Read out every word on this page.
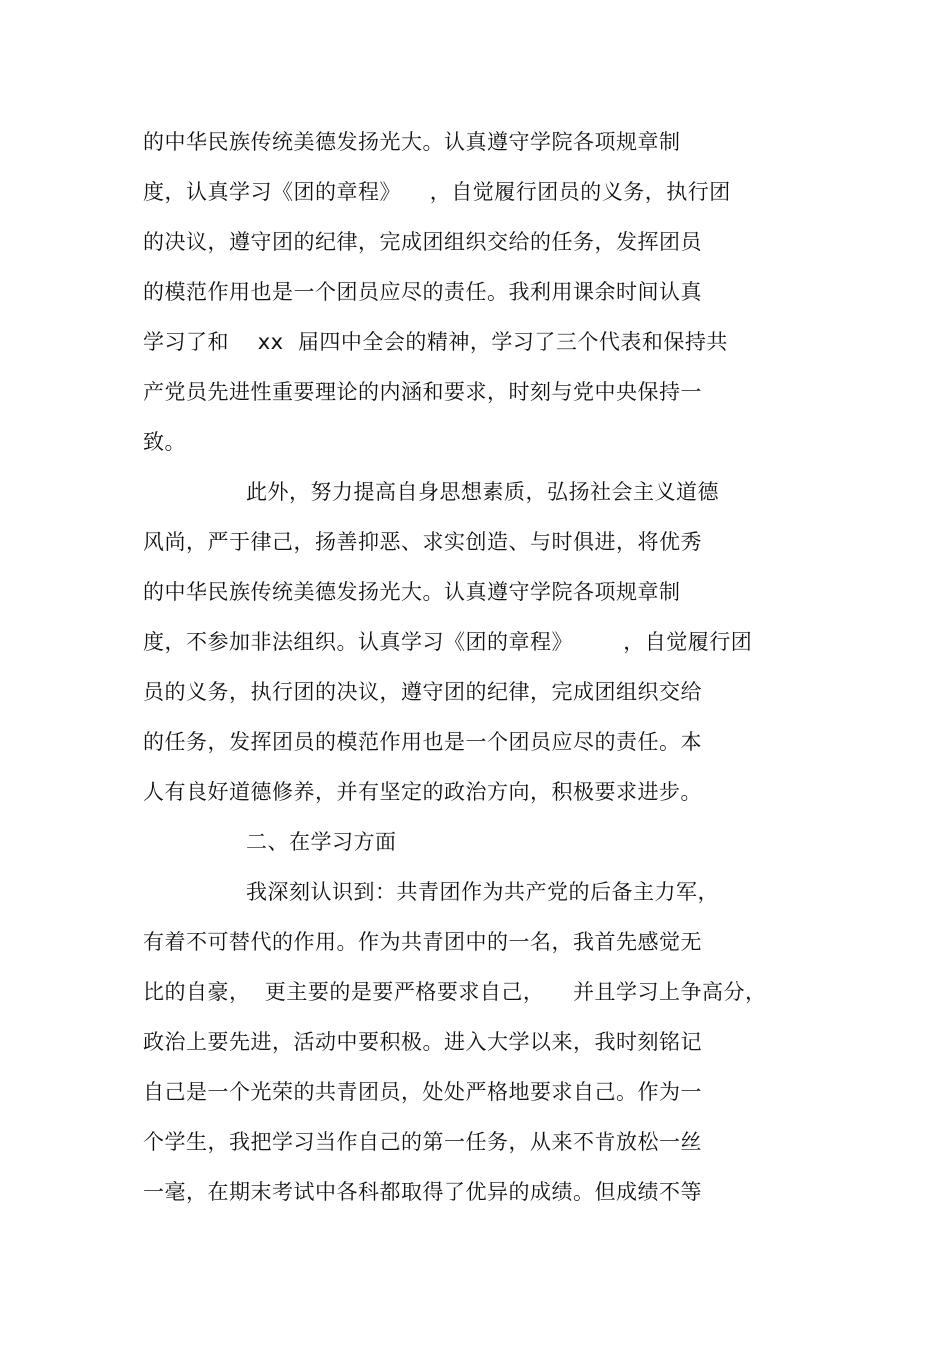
的中华民族传统美德发扬光大。认真遵守学院各项规章制
度，认真学习《团的章程》    ，自觉履行团员的义务，执行团
的决议，遵守团的纪律，完成团组织交给的任务，发挥团员
的模范作用也是一个团员应尽的责任。我利用课余时间认真
学习了和    xx  届四中全会的精神，学习了三个代表和保持共
产党员先进性重要理论的内涵和要求，时刻与党中央保持一
致。
此外，努力提高自身思想素质，弘扬社会主义道德
风尚，严于律己，扬善抑恶、求实创造、与时俱进，将优秀
的中华民族传统美德发扬光大。认真遵守学院各项规章制
度，不参加非法组织。认真学习《团的章程》       ，自觉履行团
员的义务，执行团的决议，遵守团的纪律，完成团组织交给
的任务，发挥团员的模范作用也是一个团员应尽的责任。本
人有良好道德修养，并有坚定的政治方向，积极要求进步。
二、在学习方面
我深刻认识到：共青团作为共产党的后备主力军，
有着不可替代的作用。作为共青团中的一名，我首先感觉无
比的自豪，  更主要的是要严格要求自己，    并且学习上争高分，
政治上要先进，活动中要积极。进入大学以来，我时刻铭记
自己是一个光荣的共青团员，处处严格地要求自己。作为一
个学生，我把学习当作自己的第一任务，从来不肯放松一丝
一毫，在期末考试中各科都取得了优异的成绩。但成绩不等
